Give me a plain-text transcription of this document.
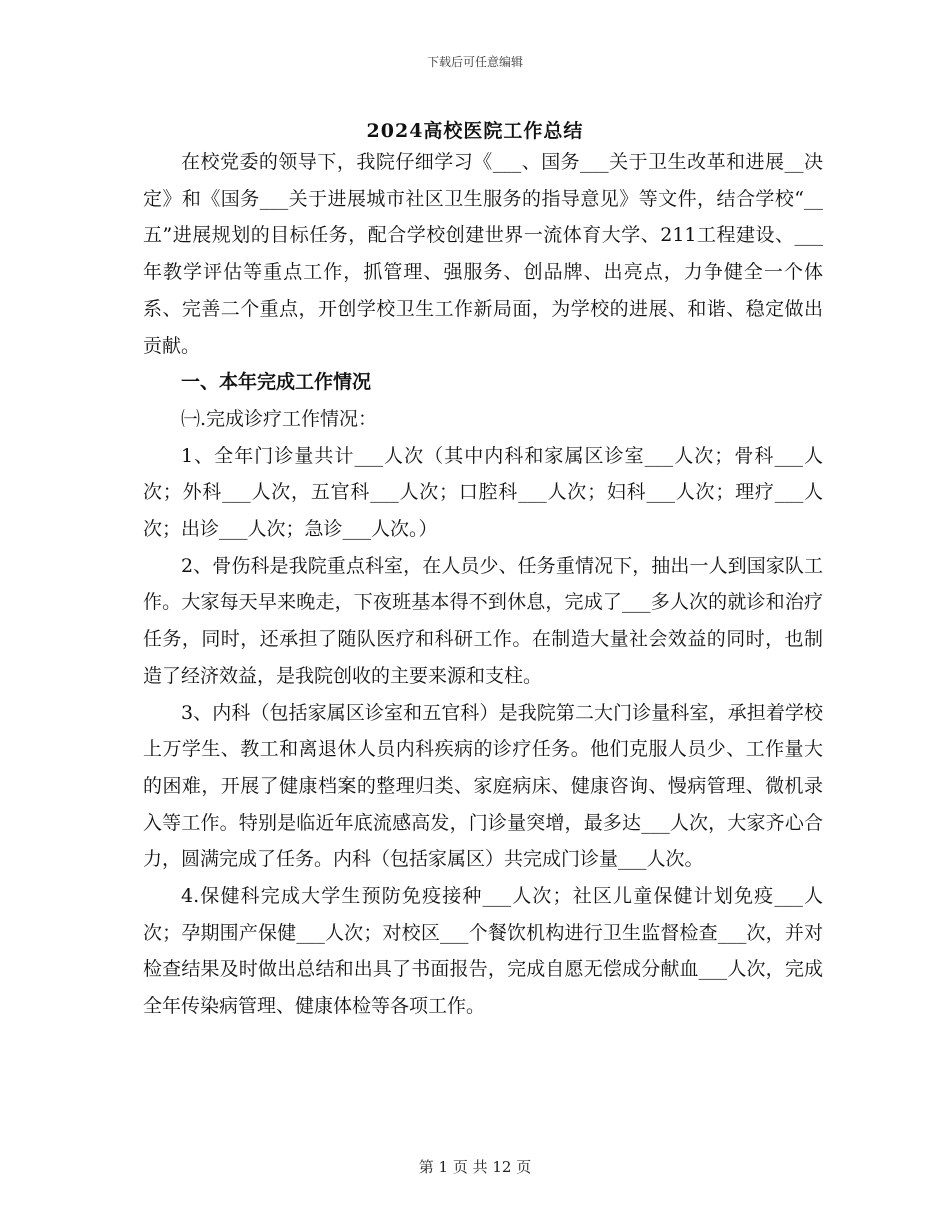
下载后可任意编辑
2024高校医院工作总结

在校党委的领导下，我院仔细学习《___、国务___关于卫生改革和进展__决定》和《国务___关于进展城市社区卫生服务的指导意见》等文件，结合学校“__五”进展规划的目标任务，配合学校创建世界一流体育大学、211工程建设、___年教学评估等重点工作，抓管理、强服务、创品牌、出亮点，力争健全一个体系、完善二个重点，开创学校卫生工作新局面，为学校的进展、和谐、稳定做出贡献。

一、本年完成工作情况

㈠.完成诊疗工作情况：

1、全年门诊量共计___人次（其中内科和家属区诊室___人次；骨科___人次；外科___人次，五官科___人次；口腔科___人次；妇科___人次；理疗___人次；出诊___人次；急诊___人次。）

2、骨伤科是我院重点科室，在人员少、任务重情况下，抽出一人到国家队工作。大家每天早来晚走，下夜班基本得不到休息，完成了___多人次的就诊和治疗任务，同时，还承担了随队医疗和科研工作。在制造大量社会效益的同时，也制造了经济效益，是我院创收的主要来源和支柱。

3、内科（包括家属区诊室和五官科）是我院第二大门诊量科室，承担着学校上万学生、教工和离退休人员内科疾病的诊疗任务。他们克服人员少、工作量大的困难，开展了健康档案的整理归类、家庭病床、健康咨询、慢病管理、微机录入等工作。特别是临近年底流感高发，门诊量突增，最多达___人次，大家齐心合力，圆满完成了任务。内科（包括家属区）共完成门诊量___人次。

4.保健科完成大学生预防免疫接种___人次；社区儿童保健计划免疫___人次；孕期围产保健___人次；对校区___个餐饮机构进行卫生监督检查___次，并对检查结果及时做出总结和出具了书面报告，完成自愿无偿成分献血___人次，完成全年传染病管理、健康体检等各项工作。

第 1 页 共 12 页
